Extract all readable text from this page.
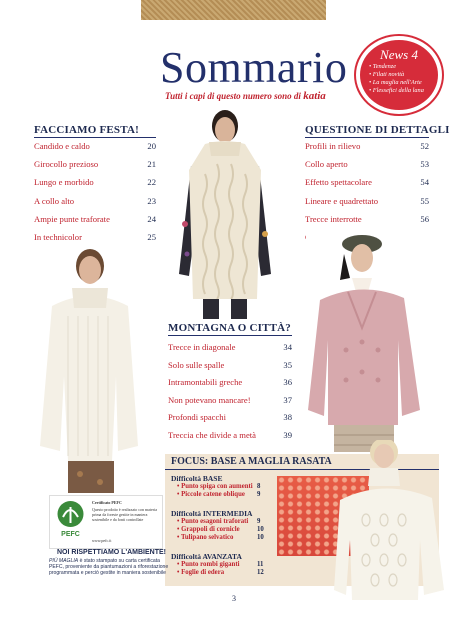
Sommario
Tutti i capi di questo numero sono di katia
News 4
• Tendenze
• Filati novità
• La maglia nell'Arte
• Flessefici della lana
FACCIAMO FESTA!
Candido e caldo	20
Girocollo prezioso	21
Lungo e morbido	22
A collo alto	23
Ampie punte traforate	24
In technicolor	25
QUESTIONE DI DETTAGLI
Profili in rilievo	52
Collo aperto	53
Effetto spettacolare	54
Lineare e quadrettato	55
Trecce interrotte	56
MONTAGNA O CITTÀ?
Trecce in diagonale	34
Solo sulle spalle	35
Intramontabili greche	36
Non potevano mancare!	37
Profondi spacchi	38
Treccia che divide a metà	39
FOCUS: BASE A MAGLIA RASATA
Difficoltà BASE
• Punto spiga con aumenti 8
• Piccole catene oblique 9
Difficoltà INTERMEDIA
• Punto esagoni traforati 9
• Grappoli di cornicle	10
• Tulipano selvatico	10
Difficoltà AVANZATA
• Punto rombi giganti	11
• Foglie di edera	12
PEFC
Certificato PEFC
Questo prodotto è realizzato con materia prima da foreste gestite in maniera sostenibile e da fonti controllate
www.pefc.it
NOI RISPETTIAMO L'AMBIENTE!
PIÙ MAGLIA è stato stampato su carta certificata PEFC, proveniente da piantumazioni a riforestazione programmata e perciò gestite in maniera sostenibile
3
